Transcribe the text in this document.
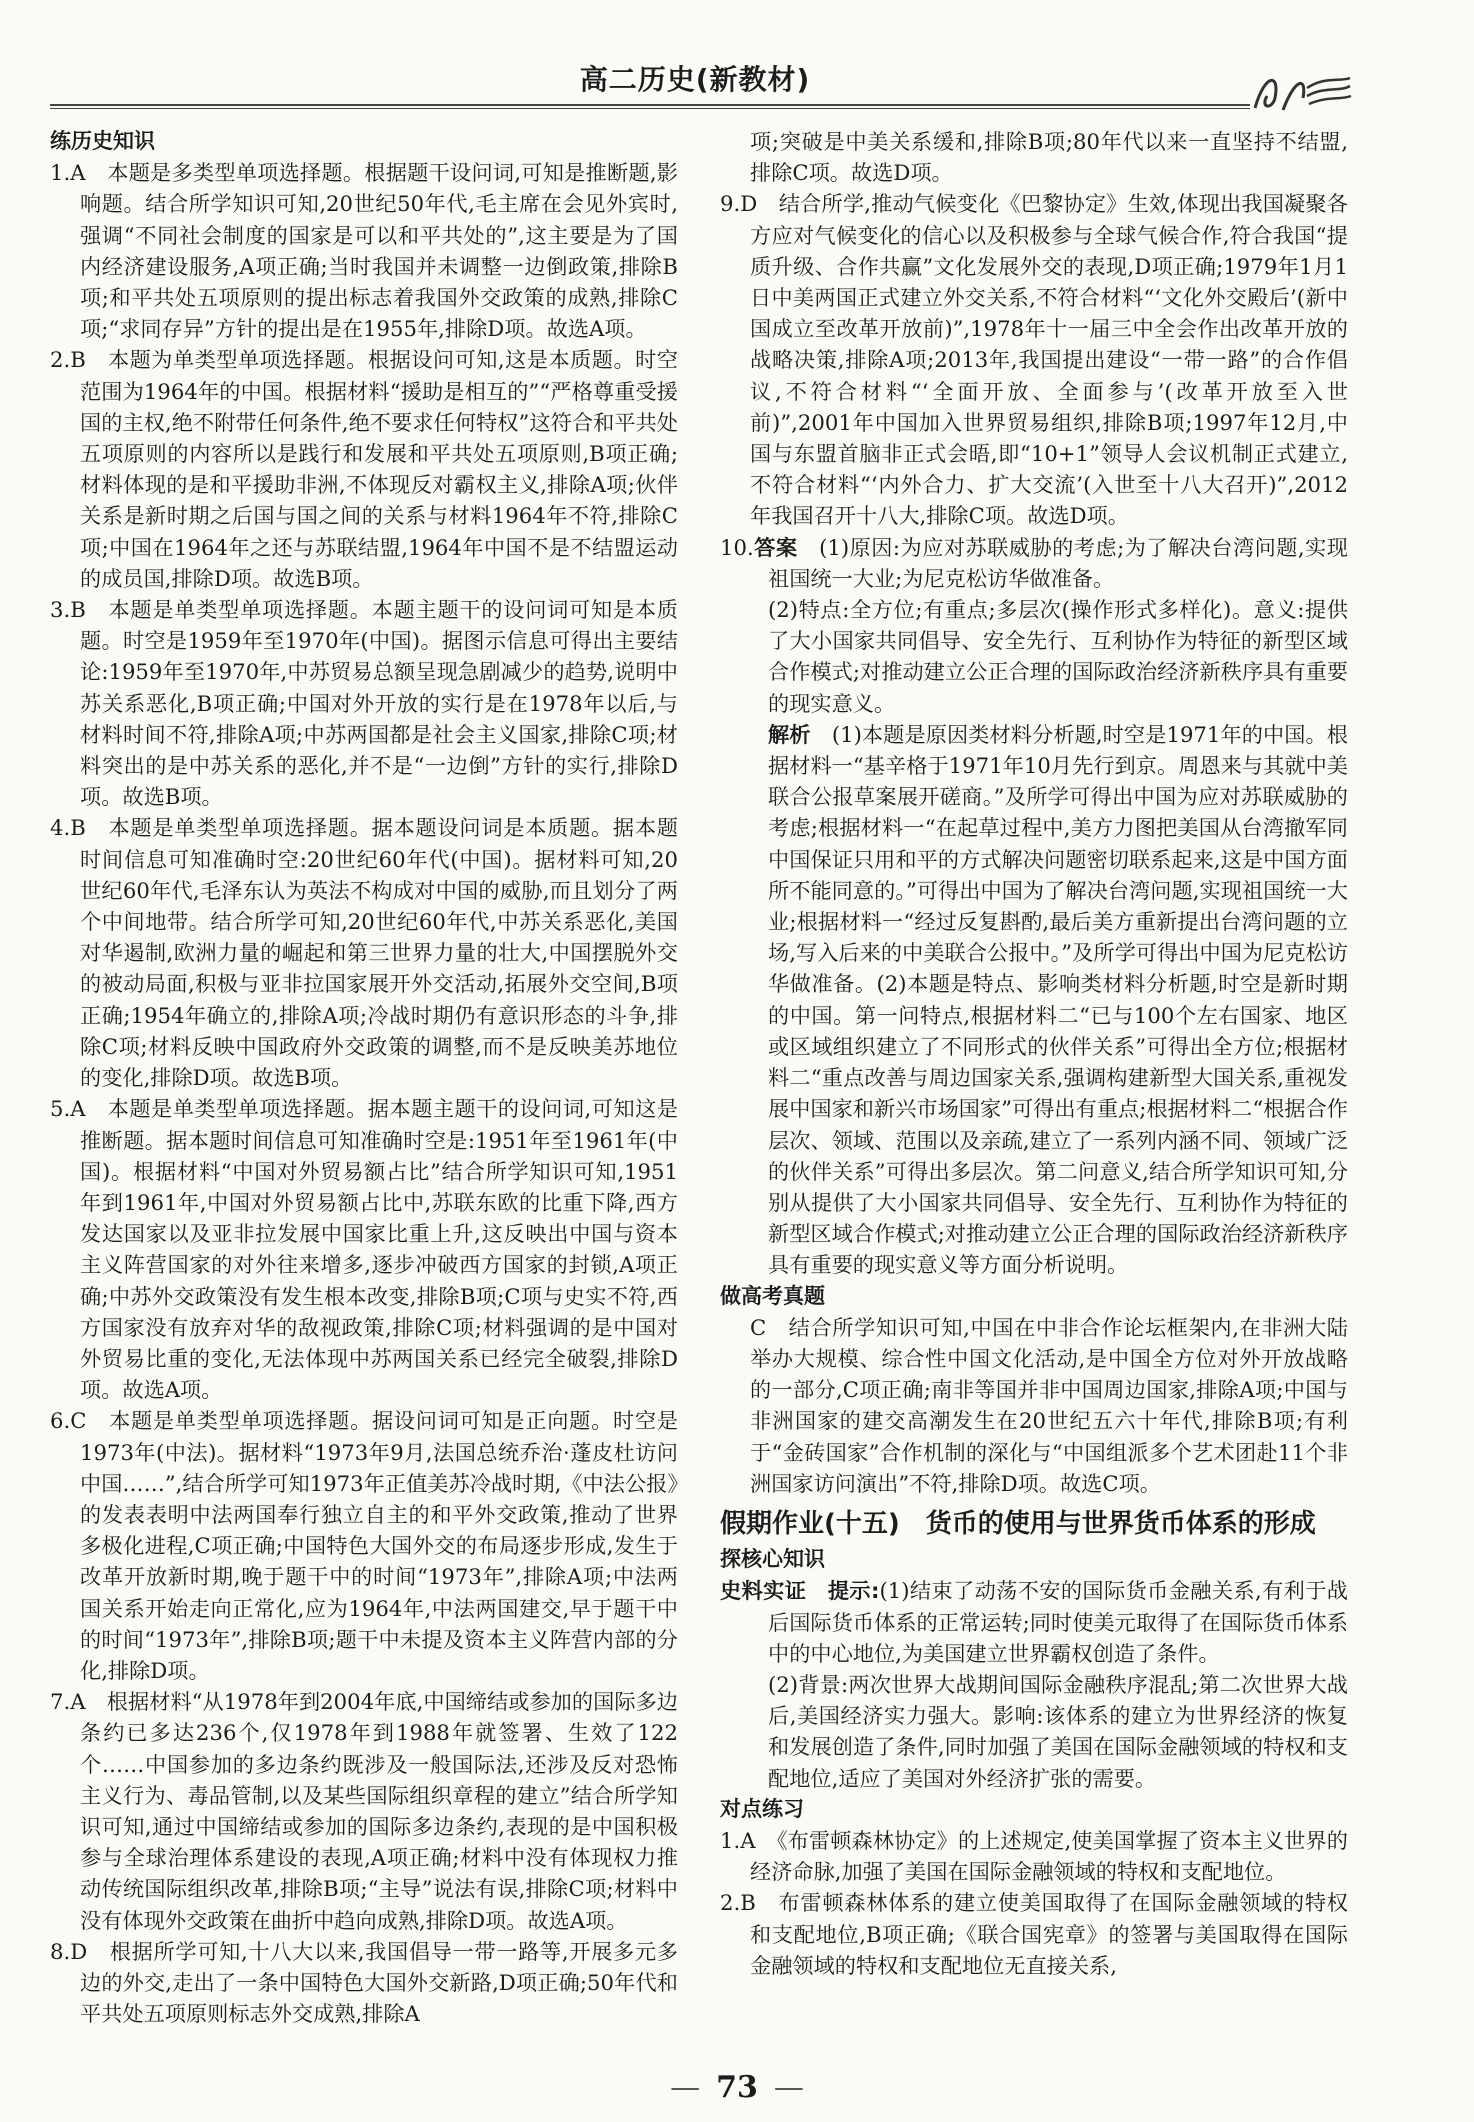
高二历史(新教材)

练历史知识

1.A　 本题是多类型单项选择题。根据题干设问词,可知是推断题,影响题。结合所学知识可知,20世纪50年代,毛主席在会见外宾时,强调“不同社会制度的国家是可以和平共处的”,这主要是为了国内经济建设服务,A项正确;当时我国并未调整一边倒政策,排除B项;和平共处五项原则的提出标志着我国外交政策的成熟,排除C项;“求同存异”方针的提出是在1955年,排除D项。故选A项。

2.B　 本题为单类型单项选择题。根据设问可知,这是本质题。时空范围为1964年的中国。根据材料“援助是相互的”“严格尊重受援国的主权,绝不附带任何条件,绝不要求任何特权”这符合和平共处五项原则的内容所以是践行和发展和平共处五项原则,B项正确;材料体现的是和平援助非洲,不体现反对霸权主义,排除A项;伙伴关系是新时期之后国与国之间的关系与材料1964年不符,排除C项;中国在1964年之还与苏联结盟,1964年中国不是不结盟运动的成员国,排除D项。故选B项。

3.B　 本题是单类型单项选择题。本题主题干的设问词可知是本质题。时空是1959年至1970年(中国)。据图示信息可得出主要结论:1959年至1970年,中苏贸易总额呈现急剧减少的趋势,说明中苏关系恶化,B项正确;中国对外开放的实行是在1978年以后,与材料时间不符,排除A项;中苏两国都是社会主义国家,排除C项;材料突出的是中苏关系的恶化,并不是“一边倒”方针的实行,排除D项。故选B项。

4.B　 本题是单类型单项选择题。据本题设问词是本质题。据本题时间信息可知准确时空:20世纪60年代(中国)。据材料可知,20世纪60年代,毛泽东认为英法不构成对中国的威胁,而且划分了两个中间地带。结合所学可知,20世纪60年代,中苏关系恶化,美国对华遏制,欧洲力量的崛起和第三世界力量的壮大,中国摆脱外交的被动局面,积极与亚非拉国家展开外交活动,拓展外交空间,B项正确;1954年确立的,排除A项;冷战时期仍有意识形态的斗争,排除C项;材料反映中国政府外交政策的调整,而不是反映美苏地位的变化,排除D项。故选B项。

5.A　 本题是单类型单项选择题。据本题主题干的设问词,可知这是推断题。据本题时间信息可知准确时空是:1951年至1961年(中国)。根据材料“中国对外贸易额占比”结合所学知识可知,1951年到1961年,中国对外贸易额占比中,苏联东欧的比重下降,西方发达国家以及亚非拉发展中国家比重上升,这反映出中国与资本主义阵营国家的对外往来增多,逐步冲破西方国家的封锁,A项正确;中苏外交政策没有发生根本改变,排除B项;C项与史实不符,西方国家没有放弃对华的敌视政策,排除C项;材料强调的是中国对外贸易比重的变化,无法体现中苏两国关系已经完全破裂,排除D项。故选A项。

6.C　 本题是单类型单项选择题。据设问词可知是正向题。时空是1973年(中法)。据材料“1973年9月,法国总统乔治·蓬皮杜访问中国……”,结合所学可知1973年正值美苏冷战时期,《中法公报》的发表表明中法两国奉行独立自主的和平外交政策,推动了世界多极化进程,C项正确;中国特色大国外交的布局逐步形成,发生于改革开放新时期,晚于题干中的时间“1973年”,排除A项;中法两国关系开始走向正常化,应为1964年,中法两国建交,早于题干中的时间“1973年”,排除B项;题干中未提及资本主义阵营内部的分化,排除D项。

7.A　 根据材料“从1978年到2004年底,中国缔结或参加的国际多边条约已多达236个,仅1978年到1988年就签署、生效了122个……中国参加的多边条约既涉及一般国际法,还涉及反对恐怖主义行为、毒品管制,以及某些国际组织章程的建立”结合所学知识可知,通过中国缔结或参加的国际多边条约,表现的是中国积极参与全球治理体系建设的表现,A项正确;材料中没有体现权力推动传统国际组织改革,排除B项;“主导”说法有误,排除C项;材料中没有体现外交政策在曲折中趋向成熟,排除D项。故选A项。

8.D　 根据所学可知,十八大以来,我国倡导一带一路等,开展多元多边的外交,走出了一条中国特色大国外交新路,D项正确;50年代和平共处五项原则标志外交成熟,排除A

项;突破是中美关系缓和,排除B项;80年代以来一直坚持不结盟,排除C项。故选D项。

9.D　 结合所学,推动气候变化《巴黎协定》生效,体现出我国凝聚各方应对气候变化的信心以及积极参与全球气候合作,符合我国“提质升级、合作共赢”文化发展外交的表现,D项正确;1979年1月1日中美两国正式建立外交关系,不符合材料“‘文化外交殿后’(新中国成立至改革开放前)”,1978年十一届三中全会作出改革开放的战略决策,排除A项;2013年,我国提出建设“一带一路”的合作倡议,不符合材料“‘全面开放、全面参与’(改革开放至入世前)”,2001年中国加入世界贸易组织,排除B项;1997年12月,中国与东盟首脑非正式会晤,即“10+1”领导人会议机制正式建立,不符合材料“‘内外合力、扩大交流’(入世至十八大召开)”,2012年我国召开十八大,排除C项。故选D项。

10.答案　 (1)原因:为应对苏联威胁的考虑;为了解决台湾问题,实现祖国统一大业;为尼克松访华做准备。

(2)特点:全方位;有重点;多层次(操作形式多样化)。意义:提供了大小国家共同倡导、安全先行、互利协作为特征的新型区域合作模式;对推动建立公正合理的国际政治经济新秩序具有重要的现实意义。

解析　 (1)本题是原因类材料分析题,时空是1971年的中国。根据材料一“基辛格于1971年10月先行到京。周恩来与其就中美联合公报草案展开磋商。”及所学可得出中国为应对苏联威胁的考虑;根据材料一“在起草过程中,美方力图把美国从台湾撤军同中国保证只用和平的方式解决问题密切联系起来,这是中国方面所不能同意的。”可得出中国为了解决台湾问题,实现祖国统一大业;根据材料一“经过反复斟酌,最后美方重新提出台湾问题的立场,写入后来的中美联合公报中。”及所学可得出中国为尼克松访华做准备。(2)本题是特点、影响类材料分析题,时空是新时期的中国。第一问特点,根据材料二“已与100个左右国家、地区或区域组织建立了不同形式的伙伴关系”可得出全方位;根据材料二“重点改善与周边国家关系,强调构建新型大国关系,重视发展中国家和新兴市场国家”可得出有重点;根据材料二“根据合作层次、领域、范围以及亲疏,建立了一系列内涵不同、领域广泛的伙伴关系”可得出多层次。第二问意义,结合所学知识可知,分别从提供了大小国家共同倡导、安全先行、互利协作为特征的新型区域合作模式;对推动建立公正合理的国际政治经济新秩序具有重要的现实意义等方面分析说明。

做高考真题

C　 结合所学知识可知,中国在中非合作论坛框架内,在非洲大陆举办大规模、综合性中国文化活动,是中国全方位对外开放战略的一部分,C项正确;南非等国并非中国周边国家,排除A项;中国与非洲国家的建交高潮发生在20世纪五六十年代,排除B项;有利于“金砖国家”合作机制的深化与“中国组派多个艺术团赴11个非洲国家访问演出”不符,排除D项。故选C项。

假期作业(十五)　货币的使用与世界货币体系的形成

探核心知识

史料实证　 提示:(1)结束了动荡不安的国际货币金融关系,有利于战后国际货币体系的正常运转;同时使美元取得了在国际货币体系中的中心地位,为美国建立世界霸权创造了条件。

(2)背景:两次世界大战期间国际金融秩序混乱;第二次世界大战后,美国经济实力强大。影响:该体系的建立为世界经济的恢复和发展创造了条件,同时加强了美国在国际金融领域的特权和支配地位,适应了美国对外经济扩张的需要。

对点练习

1.A　 《布雷顿森林协定》的上述规定,使美国掌握了资本主义世界的经济命脉,加强了美国在国际金融领域的特权和支配地位。

2.B　 布雷顿森林体系的建立使美国取得了在国际金融领域的特权和支配地位,B项正确;《联合国宪章》的签署与美国取得在国际金融领域的特权和支配地位无直接关系,

— 73 —
